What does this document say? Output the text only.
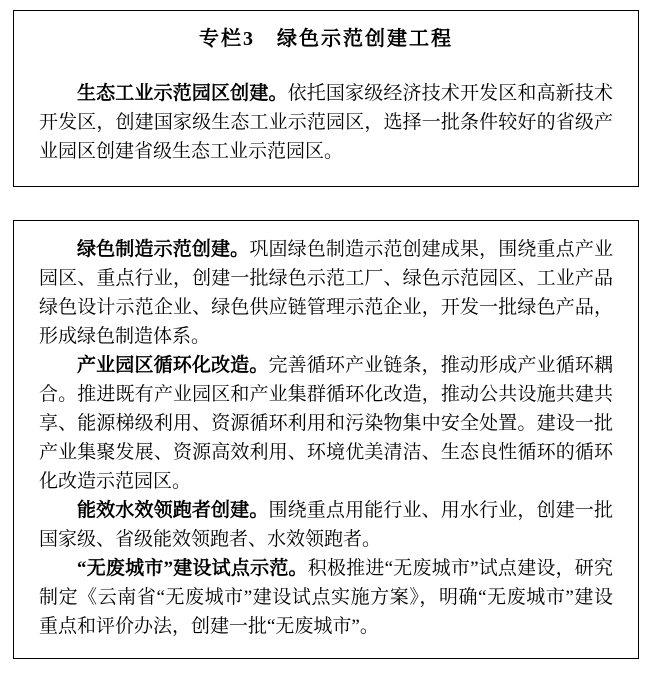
专栏3　绿色示范创建工程

生态工业示范园区创建。依托国家级经济技术开发区和高新技术开发区，创建国家级生态工业示范园区，选择一批条件较好的省级产业园区创建省级生态工业示范园区。

绿色制造示范创建。巩固绿色制造示范创建成果，围绕重点产业园区、重点行业，创建一批绿色示范工厂、绿色示范园区、工业产品绿色设计示范企业、绿色供应链管理示范企业，开发一批绿色产品，形成绿色制造体系。

产业园区循环化改造。完善循环产业链条，推动形成产业循环耦合。推进既有产业园区和产业集群循环化改造，推动公共设施共建共享、能源梯级利用、资源循环利用和污染物集中安全处置。建设一批产业集聚发展、资源高效利用、环境优美清洁、生态良性循环的循环化改造示范园区。

能效水效领跑者创建。围绕重点用能行业、用水行业，创建一批国家级、省级能效领跑者、水效领跑者。

“无废城市”建设试点示范。积极推进“无废城市”试点建设，研究制定《云南省“无废城市”建设试点实施方案》，明确“无废城市”建设重点和评价办法，创建一批“无废城市”。
